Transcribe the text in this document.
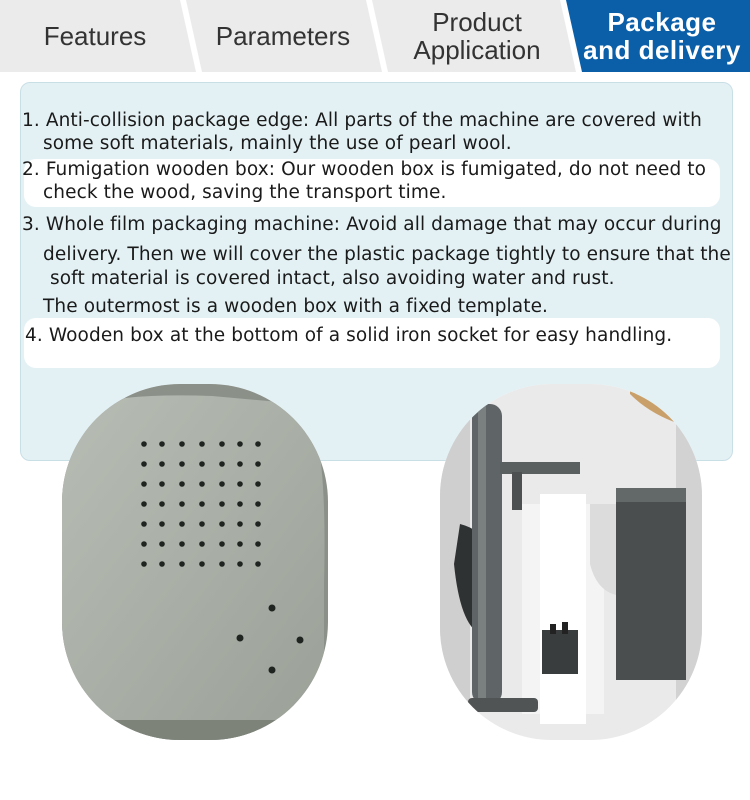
Features	Parameters	Product
Application
Package
and delivery
1. Anti-collision package edge: All parts of the machine are covered with
some soft materials, mainly the use of pearl wool.
2. Fumigation wooden box: Our wooden box is fumigated, do not need to
check the wood, saving the transport time.
3. Whole film packaging machine: Avoid all damage that may occur during
delivery. Then we will cover the plastic package tightly to ensure that the
soft material is covered intact, also avoiding water and rust.
The outermost is a wooden box with a fixed template.
4. Wooden box at the bottom of a solid iron socket for easy handling.
